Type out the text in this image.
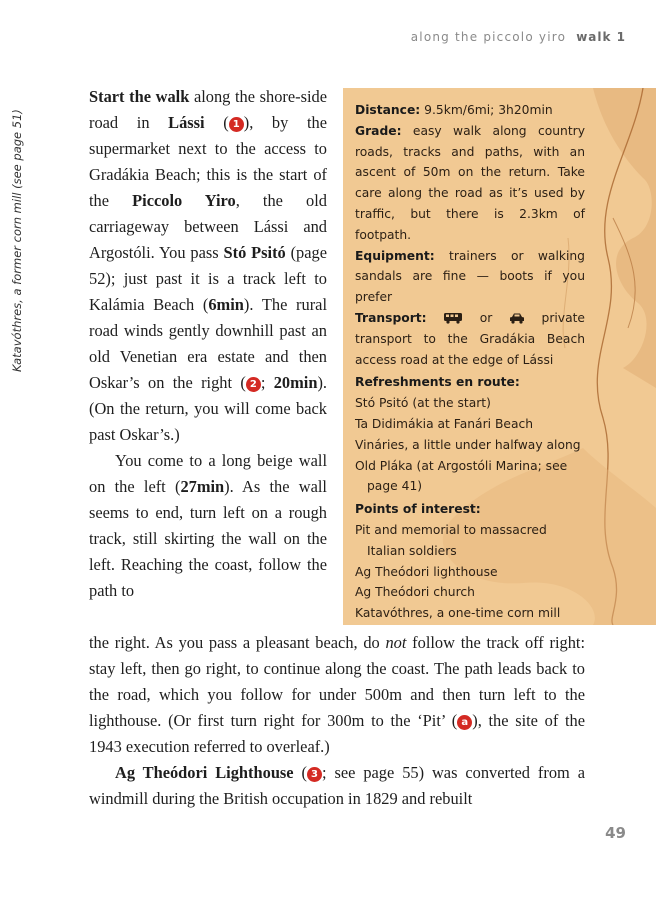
along the piccolo yiro walk 1
Katavóthres, a former corn mill (see page 51)

Start the walk along the shore-side road in Lássi ( 1 ), by the supermarket next to the access to Gradákia Beach; this is the start of the Piccolo Yiro, the old carriageway between Lássi and Argostóli. You pass Stó Psitó (page 52); just past it is a track left to Kalámia Beach (6min). The rural road winds gently downhill past an old Venetian era estate and then Oskar’s on the right ( 2 ; 20min). (On the return, you will come back past Oskar’s.)

You come to a long beige wall on the left (27min). As the wall seems to end, turn left on a rough track, still skirting the wall on the left. Reaching the coast, follow the path to

Distance: 9.5km/6mi; 3h20min

Grade: easy walk along country roads, tracks and paths, with an ascent of 50m on the return. Take care along the road as it’s used by traffic, but there is 2.3km of footpath.

Equipment: trainers or walking sandals are fine — boots if you prefer

Transport:	or  private transport to the Gradákia Beach access road at the edge of Lássi

Refreshments en route:

Stó Psitó (at the start)
Ta Didimákia at Fanári Beach
Vináries, a little under halfway along
Old Pláka (at Argostóli Marina; see page 41)

Points of interest:

Pit and memorial to massacred Italian soldiers
Ag Theódori lighthouse
Ag Theódori church
Katavóthres, a one-time corn mill

the right. As you pass a pleasant beach, do not follow the track off right: stay left, then go right, to continue along the coast. The path leads back to the road, which you follow for under 500m and then turn left to the lighthouse. (Or first turn right for 300m to the ‘Pit’ ( a ), the site of the 1943 execution referred to overleaf.)

Ag Theódori Lighthouse ( 3 ; see page 55) was converted from a windmill during the British occupation in 1829 and rebuilt

49
